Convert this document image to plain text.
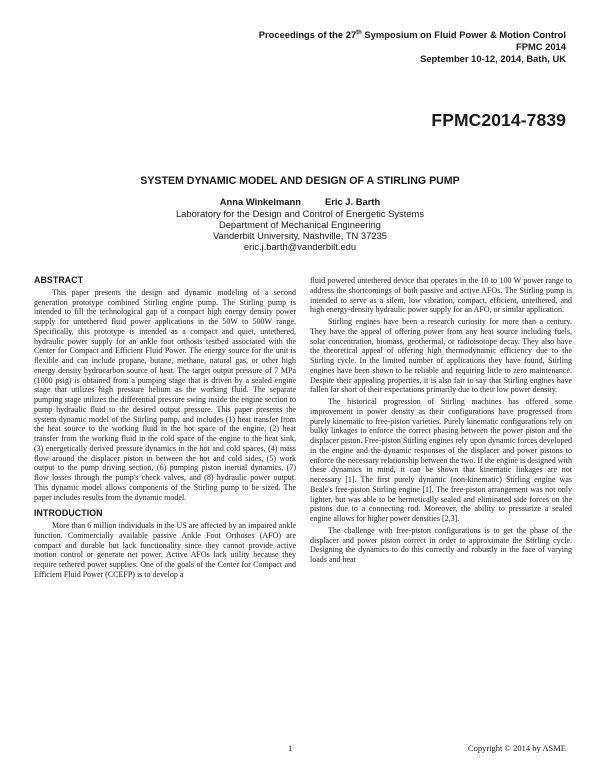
Proceedings of the 27th Symposium on Fluid Power & Motion Control
FPMC 2014
September 10-12, 2014, Bath, UK
FPMC2014-7839
SYSTEM DYNAMIC MODEL AND DESIGN OF A STIRLING PUMP
Anna Winkelmann	Eric J. Barth
Laboratory for the Design and Control of Energetic Systems
Department of Mechanical Engineering
Vanderbilt University, Nashville, TN 37235
eric.j.barth@vanderbilt.edu
ABSTRACT

This paper presents the design and dynamic modeling of a second generation prototype combined Stirling engine pump. The Stirling pump is intended to fill the technological gap of a compact high energy density power supply for untethered fluid power applications in the 50W to 500W range. Specifically, this prototype is intended as a compact and quiet, untethered, hydraulic power supply for an ankle foot orthosis testbed associated with the Center for Compact and Efficient Fluid Power. The energy source for the unit is flexible and can include propane, butane, methane, natural gas, or other high energy density hydrocarbon source of heat. The target output pressure of 7 MPa (1000 psig) is obtained from a pumping stage that is driven by a sealed engine stage that utilizes high pressure helium as the working fluid. The separate pumping stage utilizes the differential pressure swing inside the engine section to pump hydraulic fluid to the desired output pressure. This paper presents the system dynamic model of the Stirling pump, and includes (1) heat transfer from the heat source to the working fluid in the hot space of the engine, (2) heat transfer from the working fluid in the cold space of the engine to the heat sink, (3) energetically derived pressure dynamics in the hot and cold spaces, (4) mass flow around the displacer piston in between the hot and cold sides, (5) work output to the pump driving section, (6) pumping piston inertial dynamics, (7) flow losses through the pump's check valves, and (8) hydraulic power output. This dynamic model allows components of the Stirling pump to be sized. The paper includes results from the dynamic model.

INTRODUCTION

More than 6 million individuals in the US are affected by an impaired ankle function. Commercially available passive Ankle Foot Orthoses (AFO) are compact and durable but lack functionality since they cannot provide active motion control or generate net power. Active AFOs lack utility because they require tethered power supplies. One of the goals of the Center for Compact and Efficient Fluid Power (CCEFP) is to develop a

fluid powered untethered device that operates in the 10 to 100 W power range to address the shortcomings of both passive and active AFOs. The Stirling pump is intended to serve as a silent, low vibration, compact, efficient, untethered, and high energy-density hydraulic power supply for an AFO, or similar application.

Stirling engines have been a research curiosity for more than a century. They have the appeal of offering power from any heat source including fuels, solar concentration, biomass, geothermal, or radioisotope decay. They also have the theoretical appeal of offering high thermodynamic efficiency due to the Stirling cycle. In the limited number of applications they have found, Stirling engines have been shown to be reliable and requiring little to zero maintenance. Despite their appealing properties, it is also fair to say that Stirling engines have fallen far short of their expectations primarily due to their low power density.

The historical progression of Stirling machines has offered some improvement in power density as their configurations have progressed from purely kinematic to free-piston varieties. Purely kinematic configurations rely on bulky linkages to enforce the correct phasing between the power piston and the displacer piston. Free-piston Stirling engines rely upon dynamic forces developed in the engine and the dynamic responses of the displacer and power pistons to enforce the necessary relationship between the two. If the engine is designed with these dynamics in mind, it can be shown that kinematic linkages are not necessary [1]. The first purely dynamic (non-kinematic) Stirling engine was Beale's free-piston Stirling engine [1]. The free-piston arrangement was not only lighter, but was able to be hermetically sealed and eliminated side forces on the pistons due to a connecting rod. Moreover, the ability to pressurize a sealed engine allows for higher power densities [2,3].

The challenge with free-piston configurations is to get the phase of the displacer and power piston correct in order to approximate the Stirling cycle. Designing the dynamics to do this correctly and robustly in the face of varying loads and heat

1	Copyright © 2014 by ASME
